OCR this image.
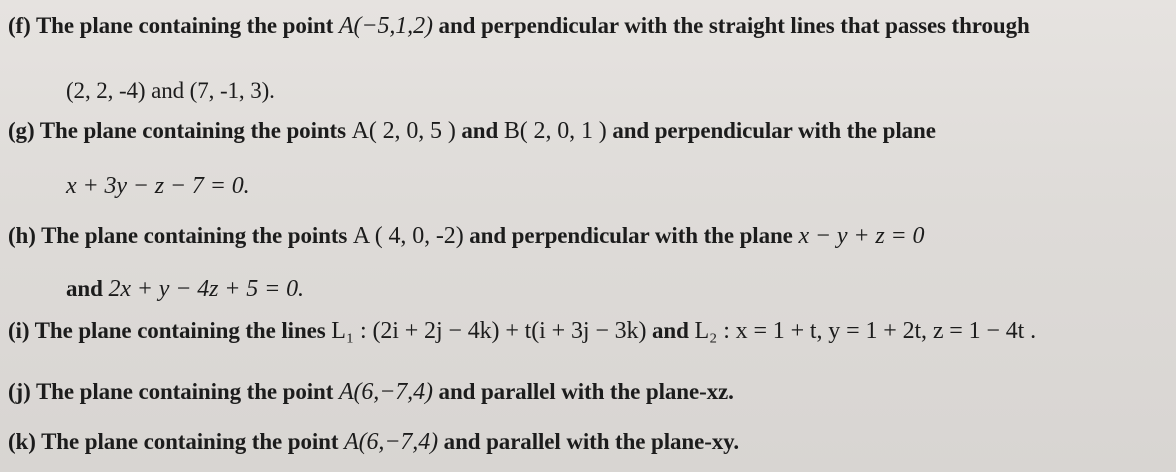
(f) The plane containing the point A(−5,1,2) and perpendicular with the straight lines that passes through
(2, 2, -4) and (7, -1, 3).
(g) The plane containing the points A( 2, 0, 5 ) and B( 2, 0, 1 ) and perpendicular with the plane
x + 3y − z − 7 = 0.
(h) The plane containing the points A ( 4, 0, -2) and perpendicular with the plane x − y + z = 0
and 2x + y − 4z + 5 = 0.
(i) The plane containing the lines L₁ : (2i + 2j − 4k) + t(i + 3j − 3k) and L₂ : x = 1 + t, y = 1 + 2t, z = 1 − 4t .
(j) The plane containing the point A(6,−7,4) and parallel with the plane-xz.
(k) The plane containing the point A(6,−7,4) and parallel with the plane-xy.
